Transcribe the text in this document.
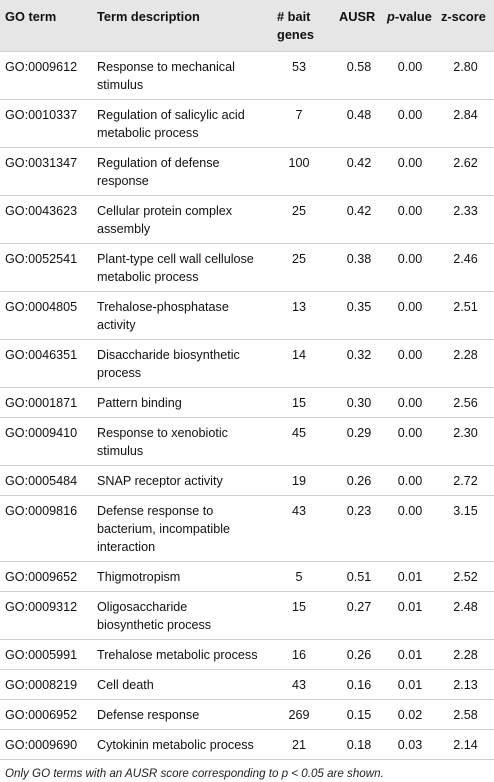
GO term	Term description	# bait
genes	AUSR	p-value	z-score
GO:0009612	Response to mechanical
stimulus	53	0.58	0.00	2.80
GO:0010337	Regulation of salicylic acid
metabolic process	7	0.48	0.00	2.84
GO:0031347	Regulation of defense
response	100	0.42	0.00	2.62
GO:0043623	Cellular protein complex
assembly	25	0.42	0.00	2.33
GO:0052541	Plant-type cell wall cellulose
metabolic process	25	0.38	0.00	2.46
GO:0004805	Trehalose-phosphatase
activity	13	0.35	0.00	2.51
GO:0046351	Disaccharide biosynthetic
process	14	0.32	0.00	2.28
GO:0001871	Pattern binding	15	0.30	0.00	2.56
GO:0009410	Response to xenobiotic
stimulus	45	0.29	0.00	2.30
GO:0005484	SNAP receptor activity	19	0.26	0.00	2.72
GO:0009816	Defense response to
bacterium, incompatible
interaction	43	0.23	0.00	3.15
GO:0009652	Thigmotropism	5	0.51	0.01	2.52
GO:0009312	Oligosaccharide
biosynthetic process	15	0.27	0.01	2.48
GO:0005991	Trehalose metabolic process	16	0.26	0.01	2.28
GO:0008219	Cell death	43	0.16	0.01	2.13
GO:0006952	Defense response	269	0.15	0.02	2.58
GO:0009690	Cytokinin metabolic process	21	0.18	0.03	2.14
Only GO terms with an AUSR score corresponding to p < 0.05 are shown.
